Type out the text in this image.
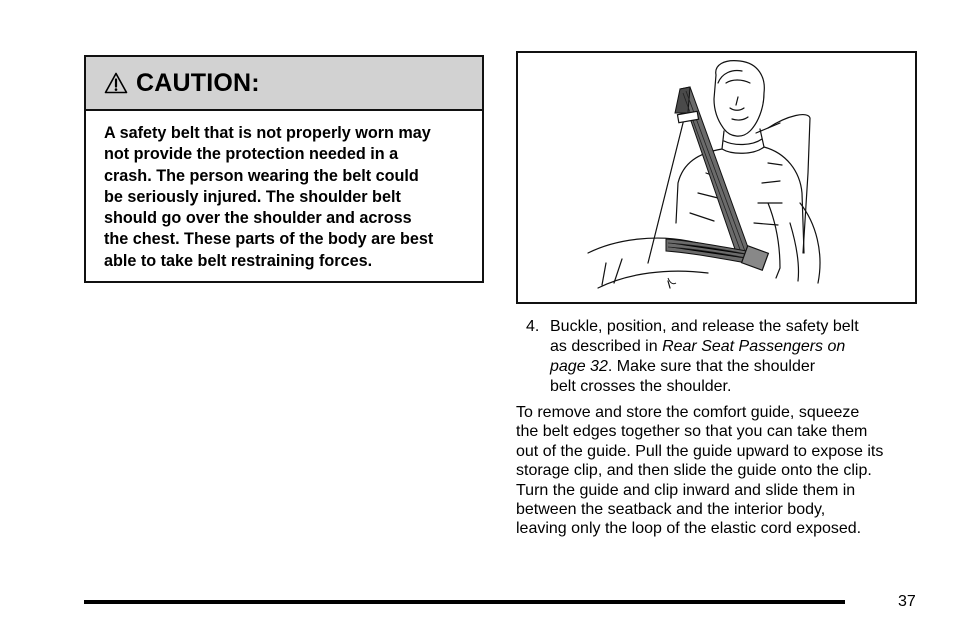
CAUTION:
A safety belt that is not properly worn may
not provide the protection needed in a
crash. The person wearing the belt could
be seriously injured. The shoulder belt
should go over the shoulder and across
the chest. These parts of the body are best
able to take belt restraining forces.
4. Buckle, position, and release the safety belt
as described in Rear Seat Passengers on
page 32. Make sure that the shoulder
belt crosses the shoulder.
To remove and store the comfort guide, squeeze
the belt edges together so that you can take them
out of the guide. Pull the guide upward to expose its
storage clip, and then slide the guide onto the clip.
Turn the guide and clip inward and slide them in
between the seatback and the interior body,
leaving only the loop of the elastic cord exposed.
37
